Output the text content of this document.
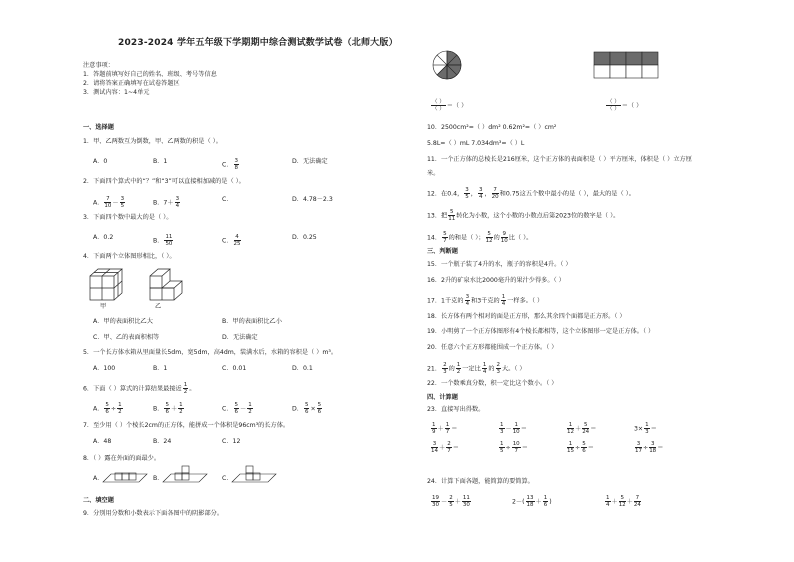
2023-2024 学年五年级下学期期中综合测试数学试卷（北师大版）
注意事项：
1．答题前填写好自己的姓名、班级、考号等信息
2．请将答案正确填写在试卷答题区
3．测试内容：1~4单元
一、选择题
1．甲、乙两数互为倒数，甲、乙两数的积是（ ）。
A．0	B．1	C． $\frac{3}{8}$	D．无法确定
2．下面四个算式中的“？”和“3”可以直接相加减的是（ ）。
A． $\frac{7}{10} - \frac{3}{5}$	B．$7+ \frac{3}{4}$	C．	D．4.78－2.3
3．下面四个数中最大的是（ ）。
A．0.2	B． $\frac{11}{50}$	C． $\frac{4}{25}$	D．0.25
4．下面两个立体图形相比，（ ）。
甲	乙
A．甲的表面积比乙大	B．甲的表面积比乙小
C．甲、乙的表面积相等	D．无法确定
5．一个长方体水箱从里面量长5dm，宽5dm，高4dm，装满水后，水箱的容积是（ ）m³。
A．100	B．1	C．0.01	D．0.1
6．下面（ ）算式的计算结果最接近 $\frac{1}{2}$ 。
A． $\frac{5}{6} \div \frac{1}{2}$	B． $\frac{5}{6} + \frac{1}{2}$	C． $\frac{5}{6} - \frac{1}{2}$	D． $\frac{5}{6} \times \frac{5}{6}$
7．至少用（ ）个棱长2cm的正方体，能拼成一个体积是96cm³的长方体。
A．48	B．24	C．12
8．（ ）露在外面的面最少。
A．	B．	C．
二、填空题
9．分别用分数和小数表示下面各图中的阴影部分。
$\frac{( )}{( )}$ ＝（ ）	$\frac{( )}{( )}$ ＝（ ）
10．2500cm²=（ ）dm² 0.62m²=（ ）cm²
5.8L=（ ）mL 7.034dm³=（ ）L
11．一个正方体的总棱长是216厘米，这个正方体的表面积是（ ）平方厘米，体积是（ ）立方厘
米。
12．在0.4， $\frac{3}{5}$ ， $\frac{3}{4}$ ， $\frac{7}{20}$ 和0.75这五个数中最小的是（ ），最大的是（ ）。
13．把 $\frac{5}{11}$ 转化为小数，这个小数的小数点后第2023位的数字是（ ）。
14． $\frac{5}{7}$ 的和是（ ）； $\frac{5}{12}$ 的 $\frac{9}{10}$ 比（ ）。
三、判断题
15．一个瓶子装了4升的水，瓶子的容积是4升。（ ）
16．2升的矿泉水比2000毫升的果汁少得多。（ ）
17．1千克的 $\frac{3}{4}$ 和3千克的 $\frac{1}{4}$ 一样多。（ ）
18．长方体有两个相对的面是正方形，那么其余四个面都是正方形。（ ）
19．小明剪了一个正方体图形有4个棱长都相等，这个立体图形一定是正方体。（ ）
20．任意六个正方形都能围成一个正方体。（ ）
21． $\frac{2}{3}$ 的 $\frac{1}{2}$ 一定比 $\frac{1}{4}$ 的 $\frac{2}{3}$ 大。（ ）
22．一个数乘真分数，积一定比这个数小。（ ）
四、计算题
23．直接写出得数。
$\frac{1}{9} + \frac{1}{7}$ ＝	$\frac{1}{3} - \frac{1}{10}$ ＝	$\frac{1}{12} + \frac{5}{24}$ ＝	$3\times \frac{1}{3}$ ＝
$\frac{3}{14} + \frac{2}{7}$ ＝	$\frac{1}{5} \div \frac{10}{7}$ ＝	$\frac{1}{15} \div \frac{5}{6}$ ＝	$\frac{3}{17} \div \frac{3}{18}$ ＝
24．计算下面各题，能简算的要简算。
$\frac{19}{30} - \frac{2}{5} + \frac{11}{30}$	$2-( \frac{13}{18} + \frac{1}{6}$ )	$\frac{1}{4} + \frac{5}{12} + \frac{7}{24}$
